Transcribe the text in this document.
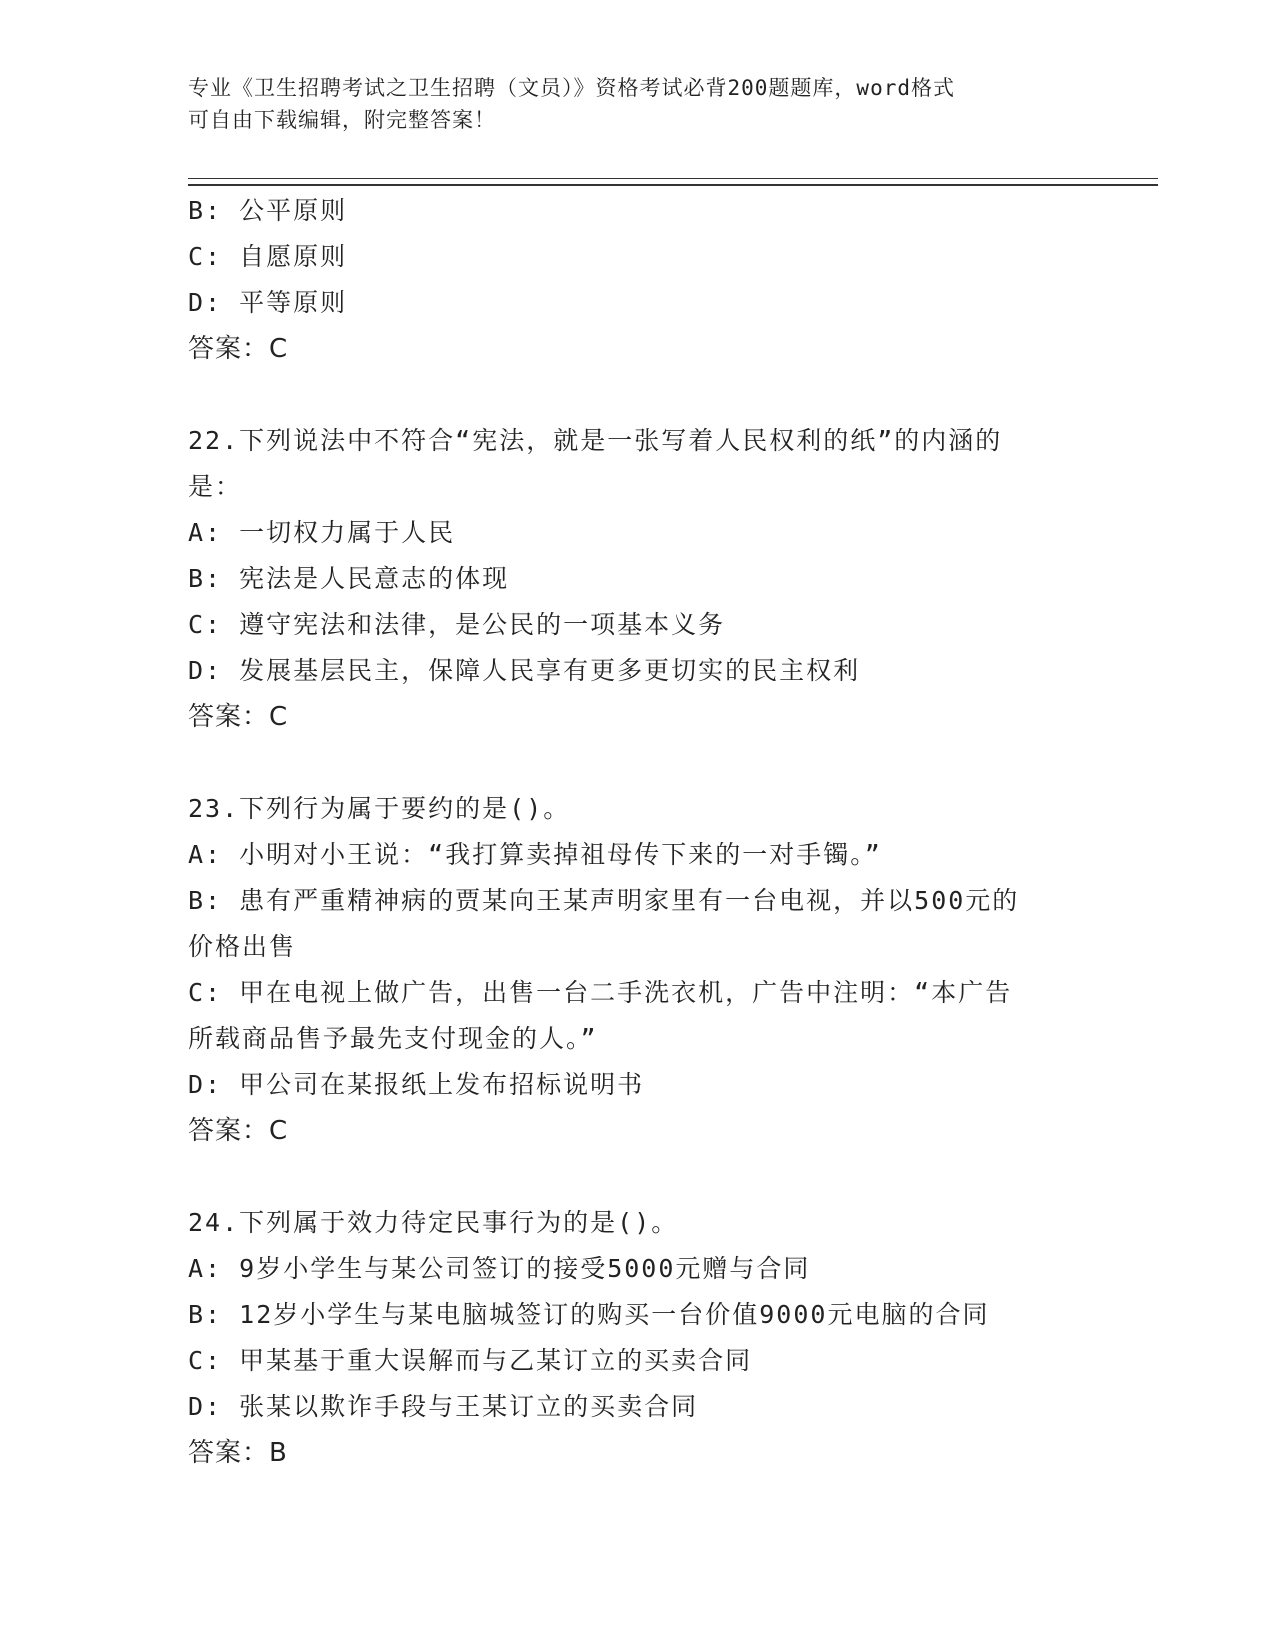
专业《卫生招聘考试之卫生招聘（文员）》资格考试必背200题题库，word格式
可自由下载编辑，附完整答案！
B: 公平原则
C: 自愿原则
D: 平等原则
答案：C
22.下列说法中不符合“宪法，就是一张写着人民权利的纸”的内涵的
是：
A: 一切权力属于人民
B: 宪法是人民意志的体现
C: 遵守宪法和法律，是公民的一项基本义务
D: 发展基层民主，保障人民享有更多更切实的民主权利
答案：C
23.下列行为属于要约的是()。
A: 小明对小王说：“我打算卖掉祖母传下来的一对手镯。”
B: 患有严重精神病的贾某向王某声明家里有一台电视，并以500元的
价格出售
C: 甲在电视上做广告，出售一台二手洗衣机，广告中注明：“本广告
所载商品售予最先支付现金的人。”
D: 甲公司在某报纸上发布招标说明书
答案：C
24.下列属于效力待定民事行为的是()。
A: 9岁小学生与某公司签订的接受5000元赠与合同
B: 12岁小学生与某电脑城签订的购买一台价值9000元电脑的合同
C: 甲某基于重大误解而与乙某订立的买卖合同
D: 张某以欺诈手段与王某订立的买卖合同
答案：B
